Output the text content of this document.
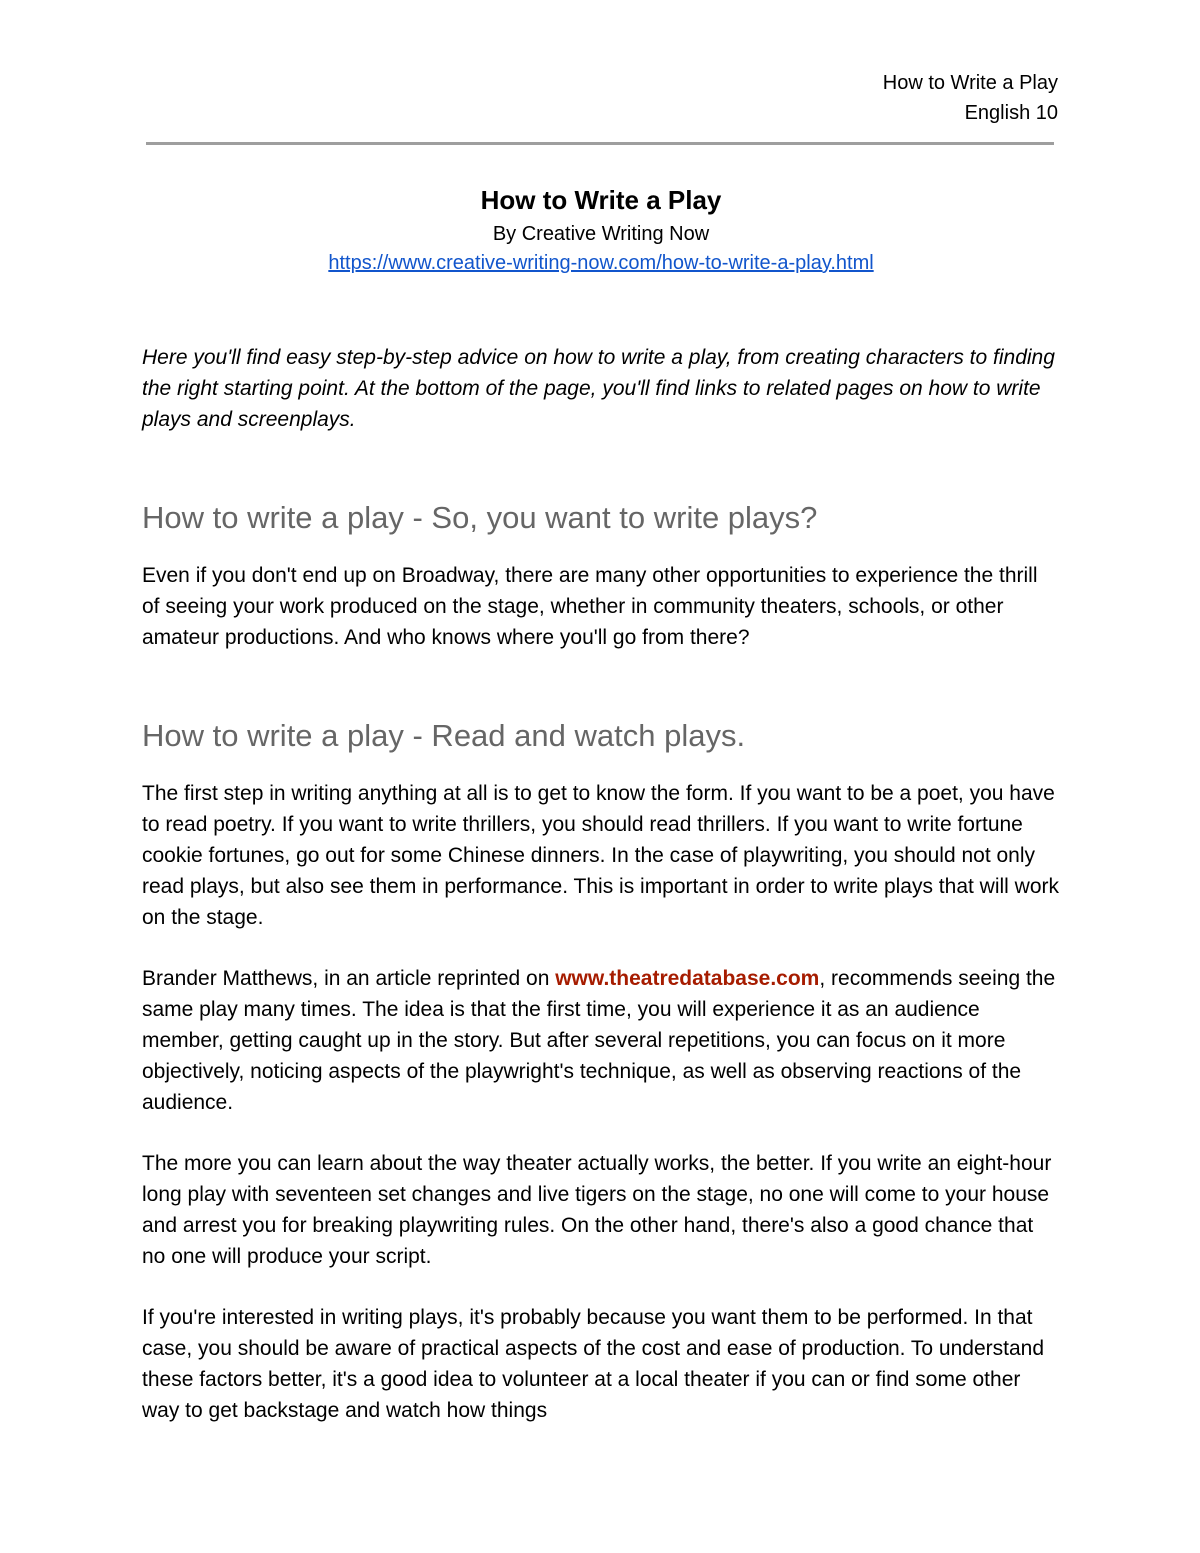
How to Write a Play
English 10

How to Write a Play

By Creative Writing Now

https://www.creative-writing-now.com/how-to-write-a-play.html

Here you'll find easy step-by-step advice on how to write a play, from creating characters to finding the right starting point. At the bottom of the page, you'll find links to related pages on how to write plays and screenplays.

How to write a play - So, you want to write plays?

Even if you don't end up on Broadway, there are many other opportunities to experience the thrill of seeing your work produced on the stage, whether in community theaters, schools, or other amateur productions. And who knows where you'll go from there?

How to write a play - Read and watch plays.

The first step in writing anything at all is to get to know the form. If you want to be a poet, you have to read poetry. If you want to write thrillers, you should read thrillers. If you want to write fortune cookie fortunes, go out for some Chinese dinners. In the case of playwriting, you should not only read plays, but also see them in performance. This is important in order to write plays that will work on the stage.

Brander Matthews, in an article reprinted on www.theatredatabase.com, recommends seeing the same play many times. The idea is that the first time, you will experience it as an audience member, getting caught up in the story. But after several repetitions, you can focus on it more objectively, noticing aspects of the playwright's technique, as well as observing reactions of the audience.

The more you can learn about the way theater actually works, the better. If you write an eight-hour long play with seventeen set changes and live tigers on the stage, no one will come to your house and arrest you for breaking playwriting rules. On the other hand, there's also a good chance that no one will produce your script.

If you're interested in writing plays, it's probably because you want them to be performed. In that case, you should be aware of practical aspects of the cost and ease of production. To understand these factors better, it's a good idea to volunteer at a local theater if you can or find some other way to get backstage and watch how things
